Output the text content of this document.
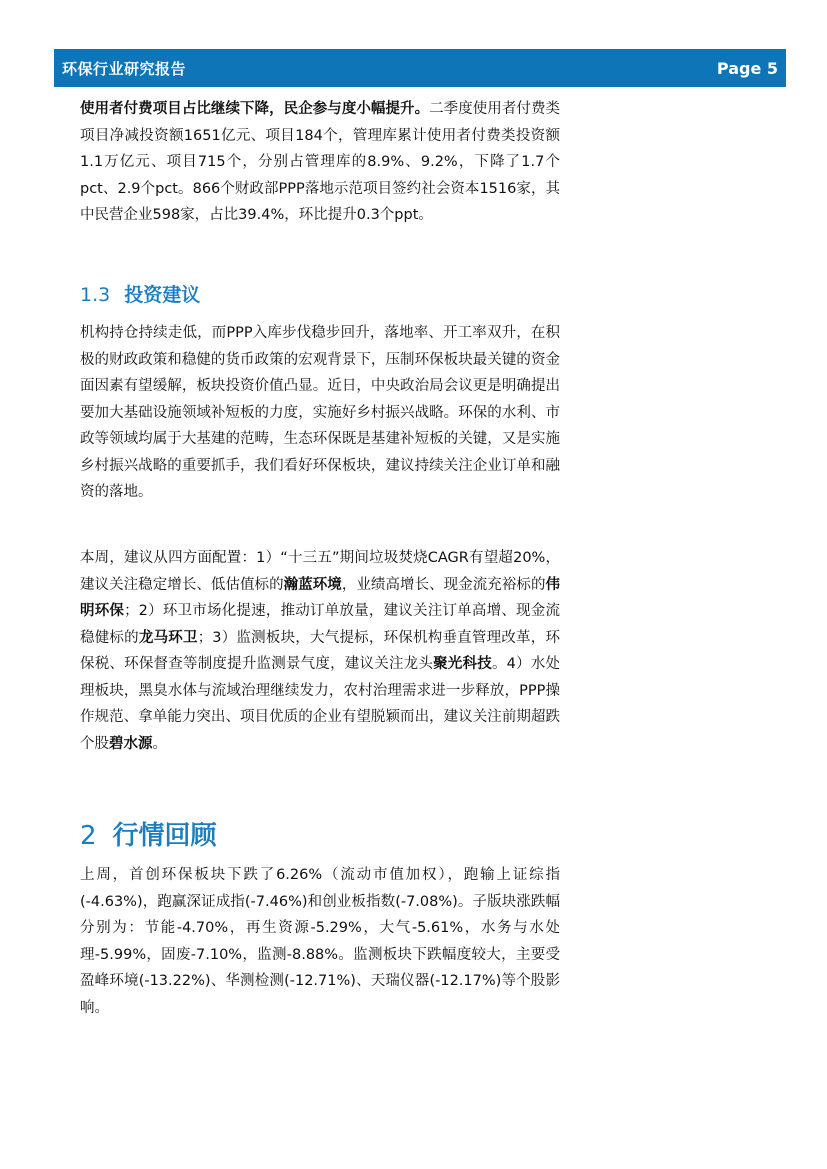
环保行业研究报告	Page 5

使用者付费项目占比继续下降，民企参与度小幅提升。二季度使用者付费类项目净减投资额1651亿元、项目184个，管理库累计使用者付费类投资额1.1万亿元、项目715个，分别占管理库的8.9%、9.2%，下降了1.7个pct、2.9个pct。866个财政部PPP落地示范项目签约社会资本1516家，其中民营企业598家，占比39.4%，环比提升0.3个ppt。

1.3 投资建议

机构持仓持续走低，而PPP入库步伐稳步回升，落地率、开工率双升，在积极的财政政策和稳健的货币政策的宏观背景下，压制环保板块最关键的资金面因素有望缓解，板块投资价值凸显。近日，中央政治局会议更是明确提出要加大基础设施领域补短板的力度，实施好乡村振兴战略。环保的水利、市政等领域均属于大基建的范畴，生态环保既是基建补短板的关键，又是实施乡村振兴战略的重要抓手，我们看好环保板块，建议持续关注企业订单和融资的落地。

本周，建议从四方面配置：1）“十三五”期间垃圾焚烧CAGR有望超20%，建议关注稳定增长、低估值标的瀚蓝环境，业绩高增长、现金流充裕标的伟明环保；2）环卫市场化提速，推动订单放量，建议关注订单高增、现金流稳健标的龙马环卫；3）监测板块，大气提标，环保机构垂直管理改革，环保税、环保督查等制度提升监测景气度，建议关注龙头聚光科技。4）水处理板块，黑臭水体与流域治理继续发力，农村治理需求进一步释放，PPP操作规范、拿单能力突出、项目优质的企业有望脱颖而出，建议关注前期超跌个股碧水源。

2 行情回顾

上周，首创环保板块下跌了6.26%（流动市值加权），跑输上证综指(-4.63%)，跑赢深证成指(-7.46%)和创业板指数(-7.08%)。子版块涨跌幅分别为：节能-4.70%，再生资源-5.29%，大气-5.61%，水务与水处理-5.99%，固废-7.10%，监测-8.88%。监测板块下跌幅度较大，主要受盈峰环境(-13.22%)、华测检测(-12.71%)、天瑞仪器(-12.17%)等个股影响。
